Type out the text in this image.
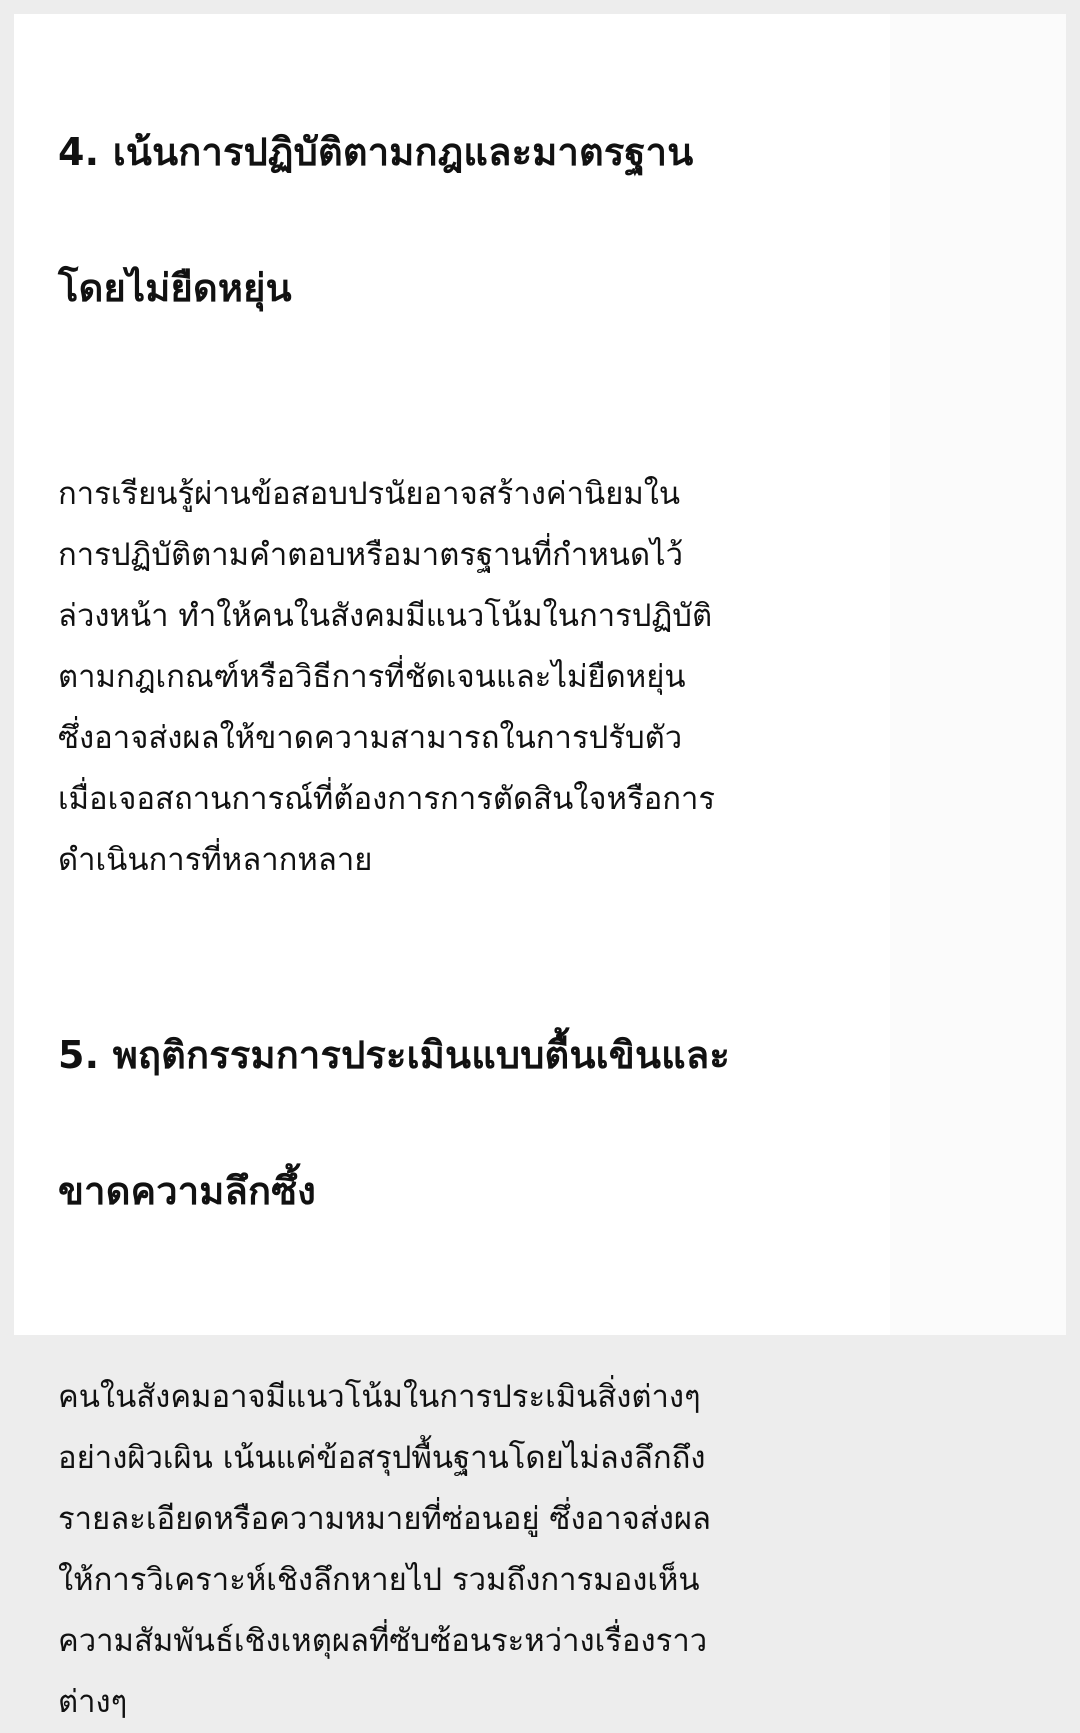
4. เน้นการปฏิบัติตามกฎและมาตรฐาน

โดยไม่ยืดหยุ่น

การเรียนรู้ผ่านข้อสอบปรนัยอาจสร้างค่านิยมใน
การปฏิบัติตามคำตอบหรือมาตรฐานที่กำหนดไว้
ล่วงหน้า ทำให้คนในสังคมมีแนวโน้มในการปฏิบัติ
ตามกฎเกณฑ์หรือวิธีการที่ชัดเจนและไม่ยืดหยุ่น
ซึ่งอาจส่งผลให้ขาดความสามารถในการปรับตัว
เมื่อเจอสถานการณ์ที่ต้องการการตัดสินใจหรือการ
ดำเนินการที่หลากหลาย

5. พฤติกรรมการประเมินแบบตื้นเขินและ

ขาดความลึกซึ้ง

คนในสังคมอาจมีแนวโน้มในการประเมินสิ่งต่างๆ
อย่างผิวเผิน เน้นแค่ข้อสรุปพื้นฐานโดยไม่ลงลึกถึง
รายละเอียดหรือความหมายที่ซ่อนอยู่ ซึ่งอาจส่งผล
ให้การวิเคราะห์เชิงลึกหายไป รวมถึงการมองเห็น
ความสัมพันธ์เชิงเหตุผลที่ซับซ้อนระหว่างเรื่องราว
ต่างๆ
